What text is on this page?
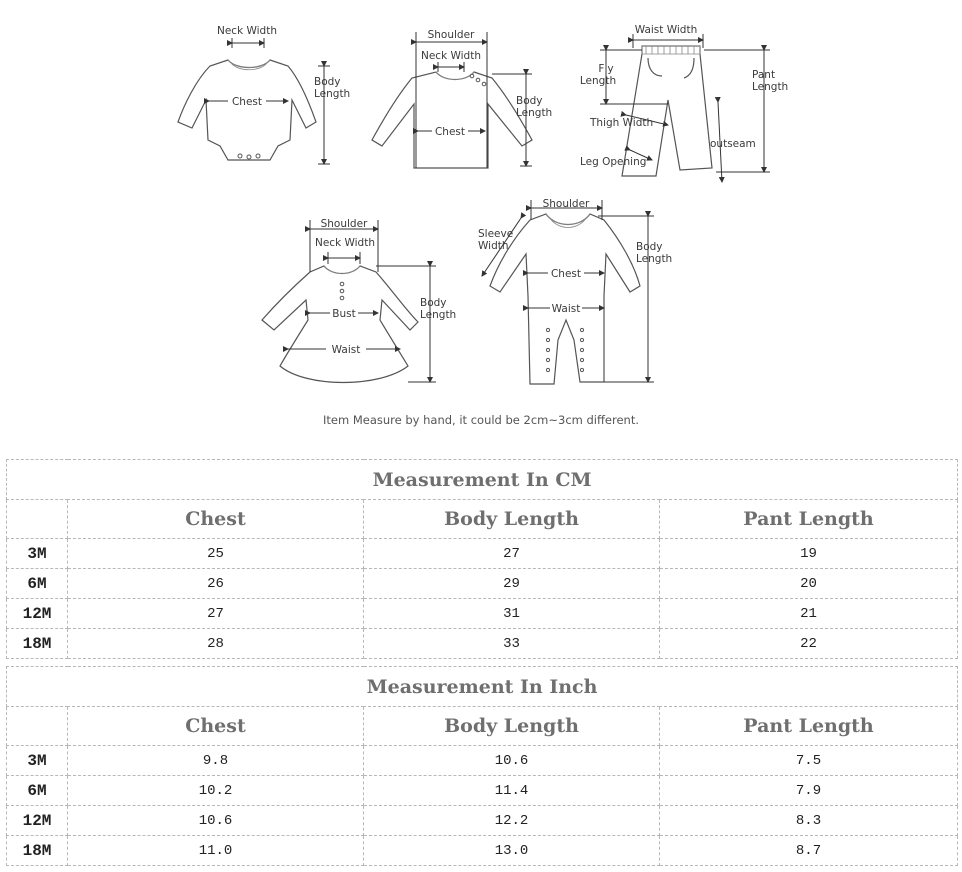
Neck Width
Chest
Body
Length
Shoulder
Neck Width
Chest
Body
Length
Waist Width
Fly
Length	Pant
Length
Thigh Width
outseam
Leg Opening
Shoulder
Neck Width
Bust
Waist
Body
Length
Shoulder
Sleeve
Width
Chest
Waist
Body
Length
Item Measure by hand, it could be 2cm~3cm different.
Measurement In CM			
	Chest	Body Length	Pant Length
3M	25	27	19
6M	26	29	20
12M	27	31	21
18M	28	33	22
Measurement In Inch			
	Chest	Body Length	Pant Length
3M	9.8	10.6	7.5
6M	10.2	11.4	7.9
12M	10.6	12.2	8.3
18M	11.0	13.0	8.7
